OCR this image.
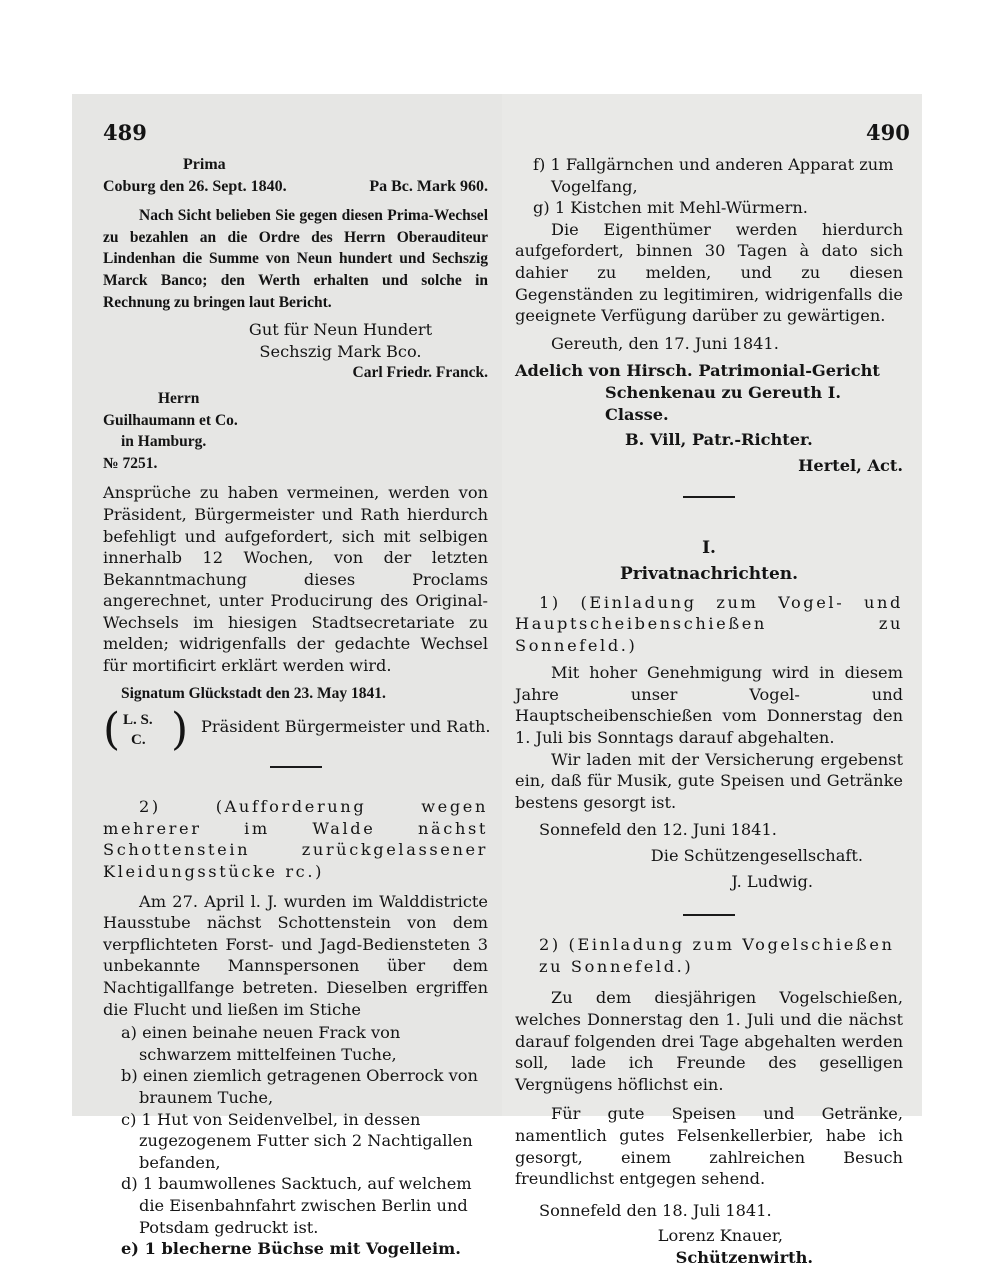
489	490
Prima
Coburg den 26. Sept. 1840.	Pa Bc. Mark 960.

Nach Sicht belieben Sie gegen diesen Prima-Wechsel zu bezahlen an die Ordre des Herrn Oberauditeur Lindenhan die Summe von Neun hundert und Sechszig Marck Banco; den Werth erhalten und solche in Rechnung zu bringen laut Bericht.

Gut für Neun Hundert
Sechszig Mark Bco.
Carl Friedr. Franck.
Herrn
Guilhaumann et Co.
in Hamburg.
№ 7251.

Ansprüche zu haben vermeinen, werden von Präsident, Bürgermeister und Rath hierdurch befehligt und aufgefordert, sich mit selbigen innerhalb 12 Wochen, von der letzten Bekanntmachung dieses Proclams angerechnet, unter Producirung des Original-Wechsels im hiesigen Stadtsecretariate zu melden; widrigenfalls der gedachte Wechsel für mortificirt erklärt werden wird.

Signatum Glückstadt den 23. May 1841.
( L. S.
C. ) Präsident Bürgermeister und Rath.

2) (Aufforderung wegen mehrerer im Walde nächst Schottenstein zurückgelassener Kleidungsstücke rc.)

Am 27. April l. J. wurden im Walddistricte Hausstube nächst Schottenstein von dem verpflichteten Forst- und Jagd-Bediensteten 3 unbekannte Mannspersonen über dem Nachtigallfange betreten. Dieselben ergriffen die Flucht und ließen im Stiche

a) einen beinahe neuen Frack von schwarzem mittelfeinen Tuche,

b) einen ziemlich getragenen Oberrock von braunem Tuche,

c) 1 Hut von Seidenvelbel, in dessen zugezogenem Futter sich 2 Nachtigallen befanden,

d) 1 baumwollenes Sacktuch, auf welchem die Eisenbahnfahrt zwischen Berlin und Potsdam gedruckt ist.

e) 1 blecherne Büchse mit Vogelleim.

f) 1 Fallgärnchen und anderen Apparat zum Vogelfang,

g) 1 Kistchen mit Mehl-Würmern.

Die Eigenthümer werden hierdurch aufgefordert, binnen 30 Tagen à dato sich dahier zu melden, und zu diesen Gegenständen zu legitimiren, widrigenfalls die geeignete Verfügung darüber zu gewärtigen.

Gereuth, den 17. Juni 1841.

Adelich von Hirsch. Patrimonial-Gericht Schenkenau zu Gereuth I. Classe.

B. Vill, Patr.-Richter.
Hertel, Act.
I.
Privatnachrichten.

1) (Einladung zum Vogel- und Hauptscheibenschießen zu Sonnefeld.)

Mit hoher Genehmigung wird in diesem Jahre unser Vogel- und Hauptscheibenschießen vom Donnerstag den 1. Juli bis Sonntags darauf abgehalten.

Wir laden mit der Versicherung ergebenst ein, daß für Musik, gute Speisen und Getränke bestens gesorgt ist.

Sonnefeld den 12. Juni 1841.
Die Schützengesellschaft.
J. Ludwig.

2) (Einladung zum Vogelschießen zu Sonnefeld.)

Zu dem diesjährigen Vogelschießen, welches Donnerstag den 1. Juli und die nächst darauf folgenden drei Tage abgehalten werden soll, lade ich Freunde des geselligen Vergnügens höflichst ein.

Für gute Speisen und Getränke, namentlich gutes Felsenkellerbier, habe ich gesorgt, einem zahlreichen Besuch freundlichst entgegen sehend.

Sonnefeld den 18. Juli 1841.
Lorenz Knauer,
Schützenwirth.
